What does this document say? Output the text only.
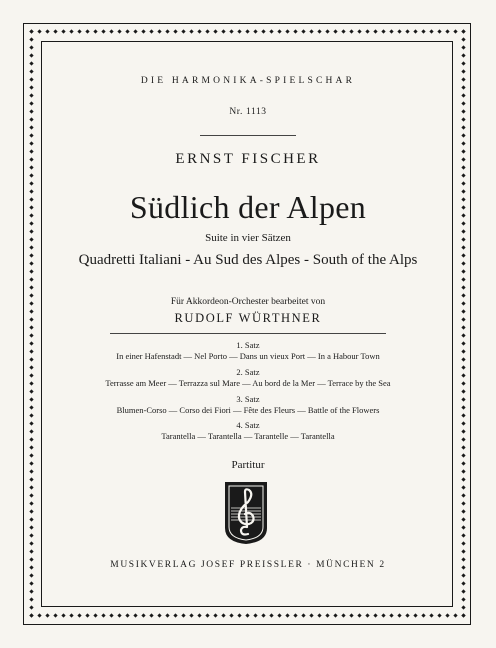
DIE HARMONIKA-SPIELSCHAR
Nr. 1113
ERNST FISCHER
Südlich der Alpen
Suite in vier Sätzen
Quadretti Italiani - Au Sud des Alpes - South of the Alps
Für Akkordeon-Orchester bearbeitet von
RUDOLF WÜRTHNER
1. Satz
In einer Hafenstadt — Nel Porto — Dans un vieux Port — In a Habour Town
2. Satz
Terrasse am Meer — Terrazza sul Mare — Au bord de la Mer — Terrace by the Sea
3. Satz
Blumen-Corso — Corso dei Fiori — Fête des Fleurs — Battle of the Flowers
4. Satz
Tarantella — Tarantella — Tarantelle — Tarantella
Partitur
MUSIKVERLAG JOSEF PREISSLER · MÜNCHEN 2
